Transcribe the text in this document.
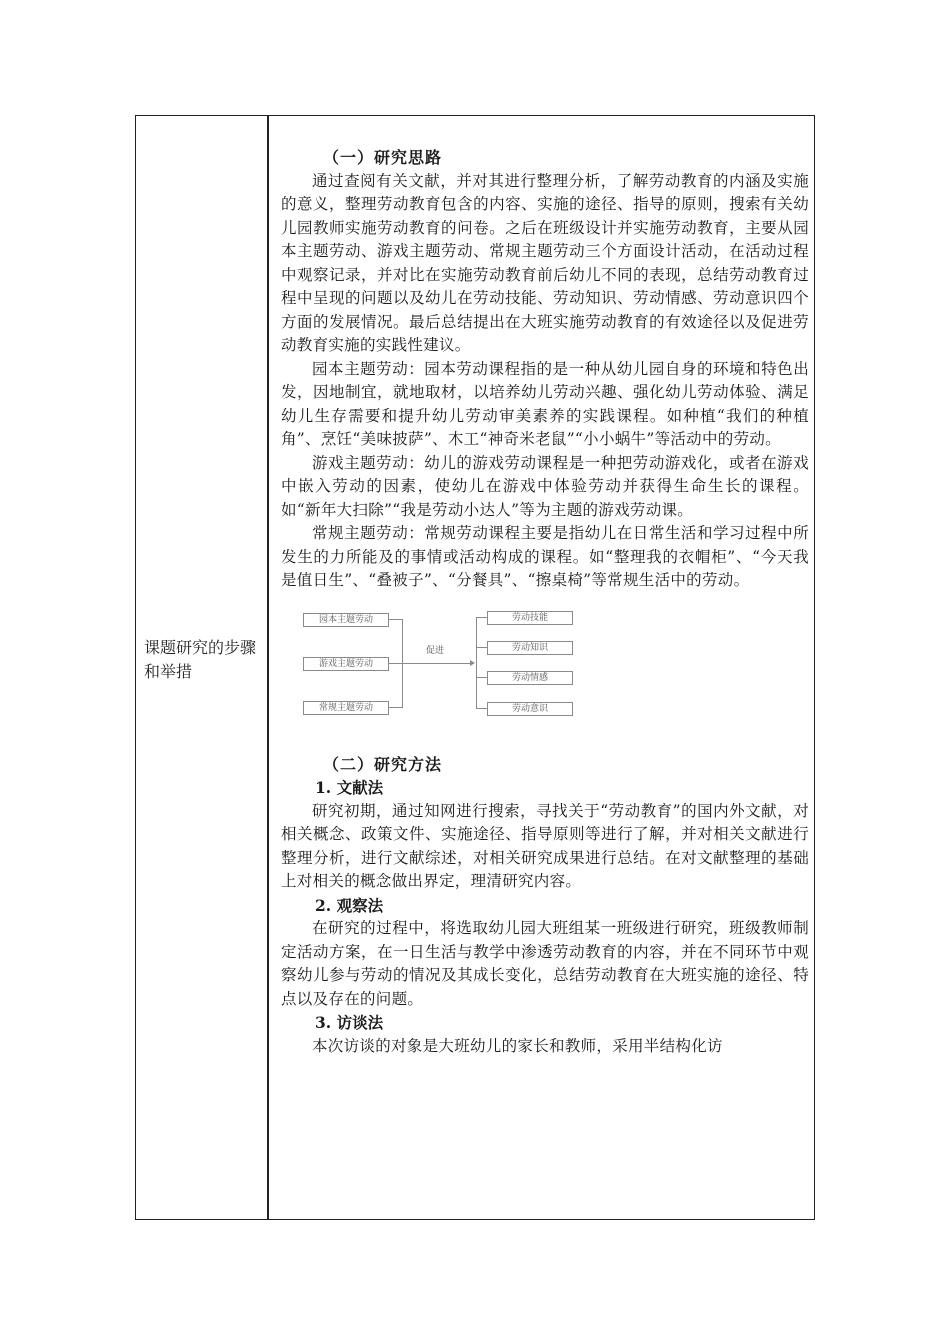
课题研究的步骤和举措

（一）研究思路

通过查阅有关文献，并对其进行整理分析，了解劳动教育的内涵及实施的意义，整理劳动教育包含的内容、实施的途径、指导的原则，搜索有关幼儿园教师实施劳动教育的问卷。之后在班级设计并实施劳动教育，主要从园本主题劳动、游戏主题劳动、常规主题劳动三个方面设计活动，在活动过程中观察记录，并对比在实施劳动教育前后幼儿不同的表现，总结劳动教育过程中呈现的问题以及幼儿在劳动技能、劳动知识、劳动情感、劳动意识四个方面的发展情况。最后总结提出在大班实施劳动教育的有效途径以及促进劳动教育实施的实践性建议。

园本主题劳动：园本劳动课程指的是一种从幼儿园自身的环境和特色出发，因地制宜，就地取材，以培养幼儿劳动兴趣、强化幼儿劳动体验、满足幼儿生存需要和提升幼儿劳动审美素养的实践课程。如种植“我们的种植角”、烹饪“美味披萨”、木工“神奇米老鼠”“小小蜗牛”等活动中的劳动。

游戏主题劳动：幼儿的游戏劳动课程是一种把劳动游戏化，或者在游戏中嵌入劳动的因素，使幼儿在游戏中体验劳动并获得生命生长的课程。如“新年大扫除”“我是劳动小达人”等为主题的游戏劳动课。

常规主题劳动：常规劳动课程主要是指幼儿在日常生活和学习过程中所发生的力所能及的事情或活动构成的课程。如“整理我的衣帽柜”、“今天我是值日生”、“叠被子”、“分餐具”、“擦桌椅”等常规生活中的劳动。

园本主题劳动
游戏主题劳动
常规主题劳动
促进
劳动技能
劳动知识
劳动情感
劳动意识

（二）研究方法

1. 文献法

研究初期，通过知网进行搜索，寻找关于“劳动教育”的国内外文献，对相关概念、政策文件、实施途径、指导原则等进行了解，并对相关文献进行整理分析，进行文献综述，对相关研究成果进行总结。在对文献整理的基础上对相关的概念做出界定，理清研究内容。

2. 观察法

在研究的过程中，将选取幼儿园大班组某一班级进行研究，班级教师制定活动方案，在一日生活与教学中渗透劳动教育的内容，并在不同环节中观察幼儿参与劳动的情况及其成长变化，总结劳动教育在大班实施的途径、特点以及存在的问题。

3. 访谈法

本次访谈的对象是大班幼儿的家长和教师，采用半结构化访
